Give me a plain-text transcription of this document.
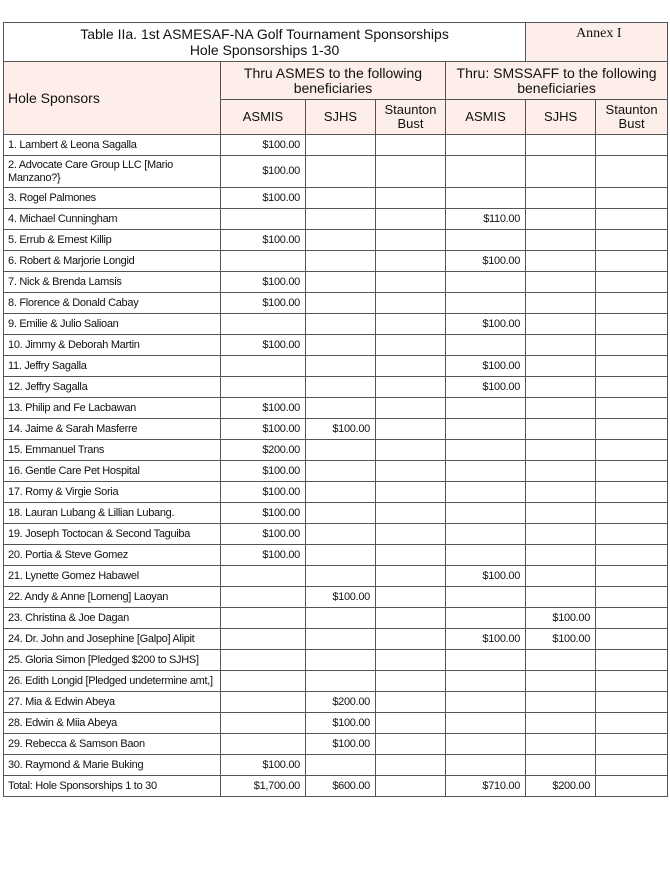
Table IIa. 1st ASMESAF-NA Golf Tournament Sponsorships
Hole Sponsorships 1-30					Annex I	

Hole Sponsors	Thru ASMES to the following beneficiaries			Thru: SMSSAFF to the following beneficiaries		
	ASMIS	SJHS	Staunton Bust	ASMIS	SJHS	Staunton Bust
1. Lambert & Leona Sagalla	$100.00					
2. Advocate Care Group LLC [Mario Manzano?}	$100.00					
3. Rogel Palmones	$100.00					
4. Michael Cunningham				$110.00		
5. Errub & Ernest Killip	$100.00					
6. Robert & Marjorie Longid				$100.00		
7. Nick & Brenda Lamsis	$100.00					
8. Florence & Donald Cabay	$100.00					
9. Emilie & Julio Salioan				$100.00		
10. Jimmy & Deborah Martin	$100.00					
11. Jeffry Sagalla				$100.00		
12. Jeffry Sagalla				$100.00		
13. Philip and Fe Lacbawan	$100.00					
14. Jaime & Sarah Masferre	$100.00	$100.00				
15. Emmanuel Trans	$200.00					
16. Gentle Care Pet Hospital	$100.00					
17. Romy & Virgie Soria	$100.00					
18. Lauran Lubang & Lillian Lubang.	$100.00					
19. Joseph Toctocan & Second Taguiba	$100.00					
20. Portia & Steve Gomez	$100.00					
21. Lynette Gomez Habawel				$100.00		
22. Andy & Anne [Lomeng] Laoyan		$100.00				
23. Christina & Joe Dagan					$100.00	
24. Dr. John and Josephine [Galpo] Alipit				$100.00	$100.00	
25. Gloria Simon [Pledged $200 to SJHS]						
26. Edith Longid [Pledged undetermine amt,]						
27. Mia & Edwin Abeya		$200.00				
28. Edwin & Miia Abeya		$100.00				
29. Rebecca & Samson Baon		$100.00				
30. Raymond & Marie Buking	$100.00					
Total: Hole Sponsorships 1 to 30	$1,700.00	$600.00		$710.00	$200.00	
